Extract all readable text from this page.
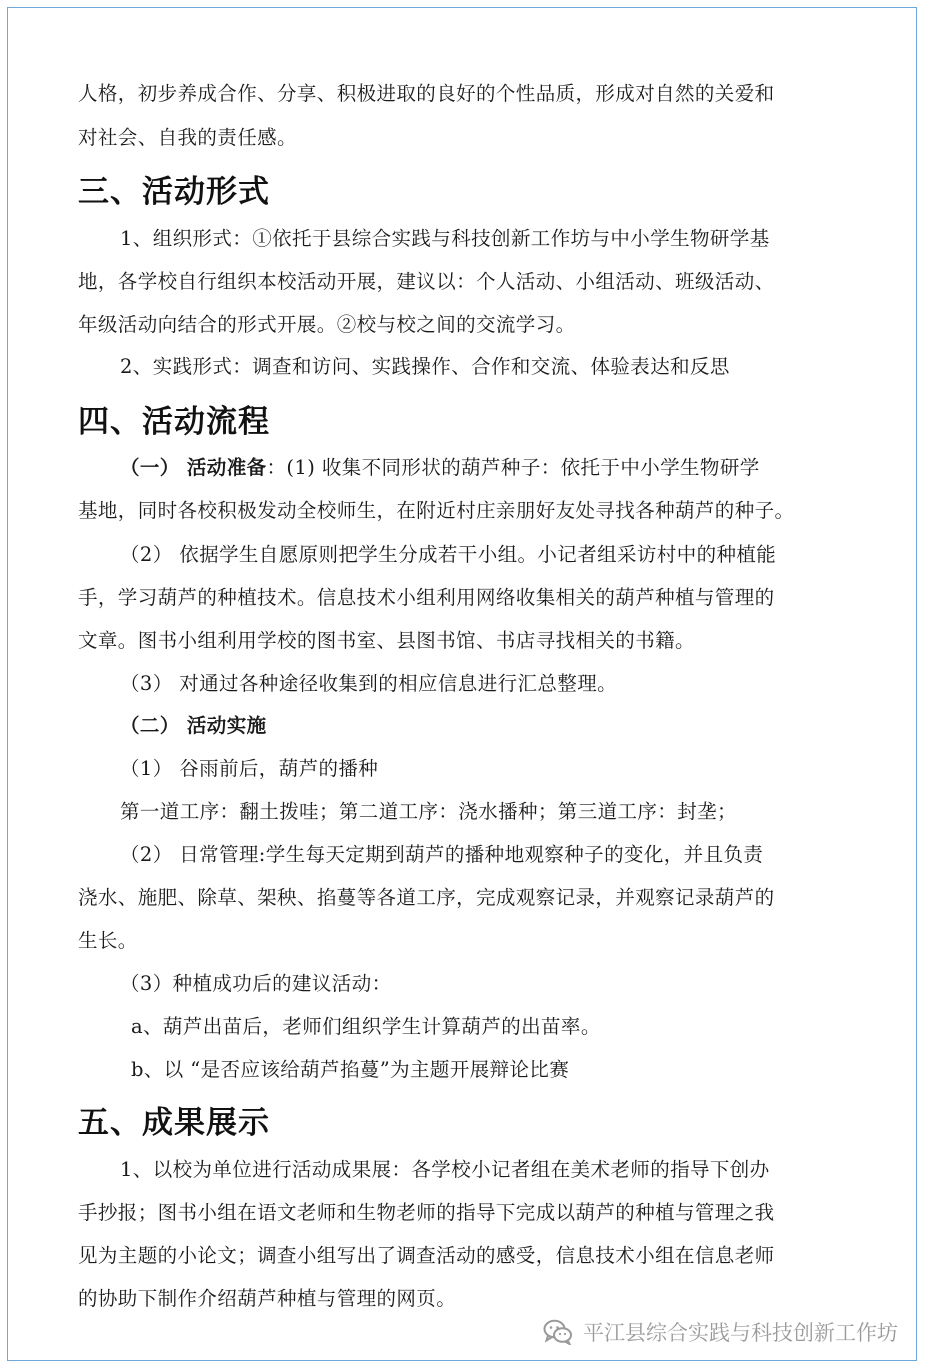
人格，初步养成合作、分享、积极进取的良好的个性品质，形成对自然的关爱和
对社会、自我的责任感。
三、活动形式
1、组织形式：①依托于县综合实践与科技创新工作坊与中小学生物研学基
地，各学校自行组织本校活动开展，建议以：个人活动、小组活动、班级活动、
年级活动向结合的形式开展。②校与校之间的交流学习。
2、实践形式：调查和访问、实践操作、合作和交流、体验表达和反思
四、活动流程
（一） 活动准备：(1) 收集不同形状的葫芦种子：依托于中小学生物研学
基地，同时各校积极发动全校师生，在附近村庄亲朋好友处寻找各种葫芦的种子。
（2） 依据学生自愿原则把学生分成若干小组。小记者组采访村中的种植能
手，学习葫芦的种植技术。信息技术小组利用网络收集相关的葫芦种植与管理的
文章。图书小组利用学校的图书室、县图书馆、书店寻找相关的书籍。
（3） 对通过各种途径收集到的相应信息进行汇总整理。
（二） 活动实施
（1） 谷雨前后，葫芦的播种
第一道工序：翻土拨哇；第二道工序：浇水播种；第三道工序：封垄；
（2） 日常管理:学生每天定期到葫芦的播种地观察种子的变化，并且负责
浇水、施肥、除草、架秧、掐蔓等各道工序，完成观察记录，并观察记录葫芦的
生长。
（3）种植成功后的建议活动：
a、葫芦出苗后，老师们组织学生计算葫芦的出苗率。
b、以 “是否应该给葫芦掐蔓”为主题开展辩论比赛
五、成果展示
1、以校为单位进行活动成果展：各学校小记者组在美术老师的指导下创办
手抄报；图书小组在语文老师和生物老师的指导下完成以葫芦的种植与管理之我
见为主题的小论文；调查小组写出了调查活动的感受，信息技术小组在信息老师
的协助下制作介绍葫芦种植与管理的网页。
平江县综合实践与科技创新工作坊
